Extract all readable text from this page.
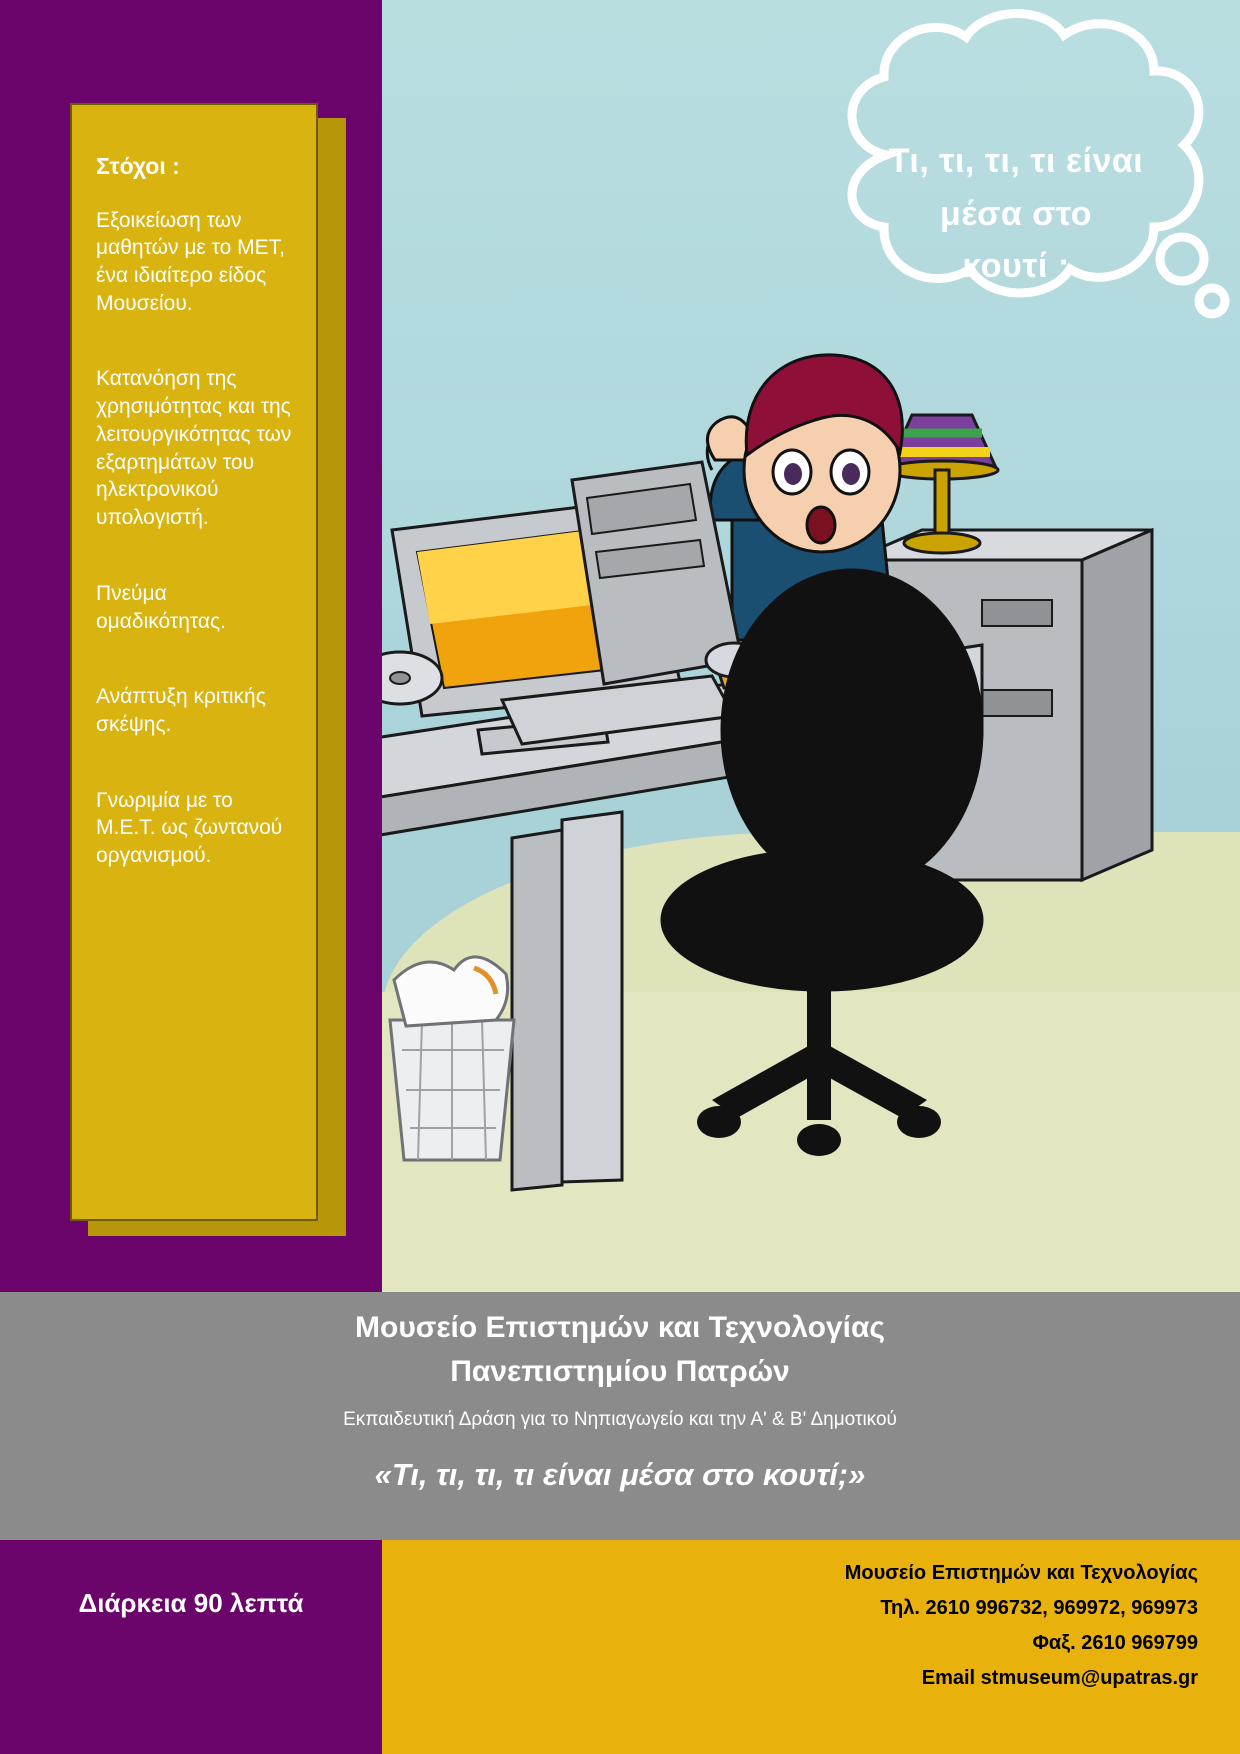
Τι, τι, τι, τι είναι
μέσα στο
κουτί ;
Στόχοι :
Εξοικείωση των μαθητών με το ΜΕΤ, ένα ιδιαίτερο είδος Μουσείου.
Κατανόηση της χρησιμότητας και της λειτουργικότητας των εξαρτημάτων του ηλεκτρονικού υπολογιστή.
Πνεύμα ομαδικότητας.
Ανάπτυξη κριτικής σκέψης.
Γνωριμία με το Μ.Ε.Τ. ως ζωντανού οργανισμού.
Μουσείο Επιστημών και Τεχνολογίας
Πανεπιστημίου Πατρών
Εκπαιδευτική Δράση για το Νηπιαγωγείο και την Α' & Β' Δημοτικού
«Τι, τι, τι, τι είναι μέσα στο κουτί;»
Διάρκεια 90 λεπτά
Μουσείο Επιστημών και Τεχνολογίας
Τηλ. 2610 996732, 969972, 969973
Φαξ. 2610 969799
Email stmuseum@upatras.gr
